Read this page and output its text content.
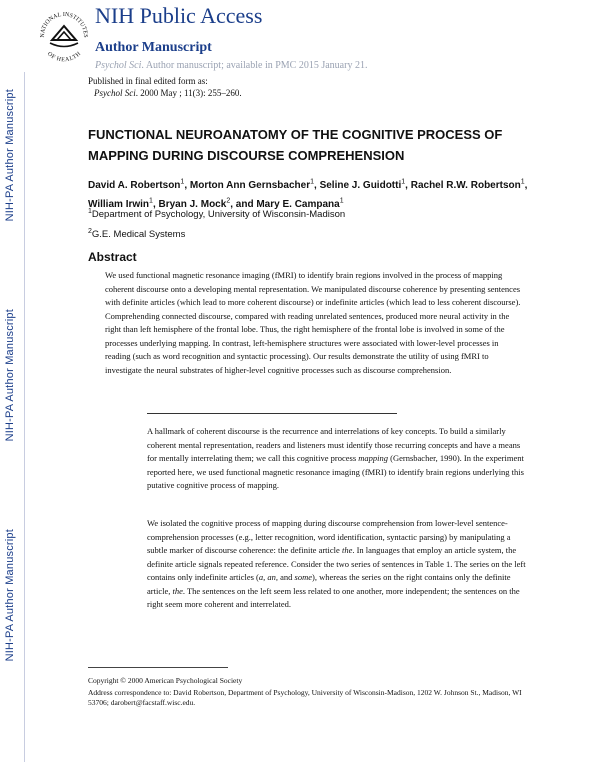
NATIONAL INSTITUTES
OF HEALTH
NIH Public Access
Author Manuscript
Psychol Sci. Author manuscript; available in PMC 2015 January 21.
Published in final edited form as:
Psychol Sci. 2000 May ; 11(3): 255–260.
NIH-PA Author Manuscript
NIH-PA Author Manuscript
NIH-PA Author Manuscript
FUNCTIONAL NEUROANATOMY OF THE COGNITIVE PROCESS OF MAPPING DURING DISCOURSE COMPREHENSION
David A. Robertson$^1$, Morton Ann Gernsbacher$^1$, Seline J. Guidotti$^1$, Rachel R.W. Robertson$^1$, William Irwin$^1$, Bryan J. Mock$^2$, and Mary E. Campana$^1$
$^1$Department of Psychology, University of Wisconsin-Madison
$^2$G.E. Medical Systems
Abstract

We used functional magnetic resonance imaging (fMRI) to identify brain regions involved in the process of mapping coherent discourse onto a developing mental representation. We manipulated discourse coherence by presenting sentences with definite articles (which lead to more coherent discourse) or indefinite articles (which lead to less coherent discourse). Comprehending connected discourse, compared with reading unrelated sentences, produced more neural activity in the right than left hemisphere of the frontal lobe. Thus, the right hemisphere of the frontal lobe is involved in some of the processes underlying mapping. In contrast, left-hemisphere structures were associated with lower-level processes in reading (such as word recognition and syntactic processing). Our results demonstrate the utility of using fMRI to investigate the neural substrates of higher-level cognitive processes such as discourse comprehension.

A hallmark of coherent discourse is the recurrence and interrelations of key concepts. To build a similarly coherent mental representation, readers and listeners must identify those recurring concepts and have a means for mentally interrelating them; we call this cognitive process mapping (Gernsbacher, 1990). In the experiment reported here, we used functional magnetic resonance imaging (fMRI) to identify brain regions underlying this putative cognitive process of mapping.

We isolated the cognitive process of mapping during discourse comprehension from lower-level sentence-comprehension processes (e.g., letter recognition, word identification, syntactic parsing) by manipulating a subtle marker of discourse coherence: the definite article the. In languages that employ an article system, the definite article signals repeated reference. Consider the two series of sentences in Table 1. The series on the left contains only indefinite articles (a, an, and some), whereas the series on the right contains only the definite article, the. The sentences on the left seem less related to one another, more independent; the sentences on the right seem more coherent and interrelated.

Copyright © 2000 American Psychological Society

Address correspondence to: David Robertson, Department of Psychology, University of Wisconsin-Madison, 1202 W. Johnson St., Madison, WI 53706; darobert@facstaff.wisc.edu.
